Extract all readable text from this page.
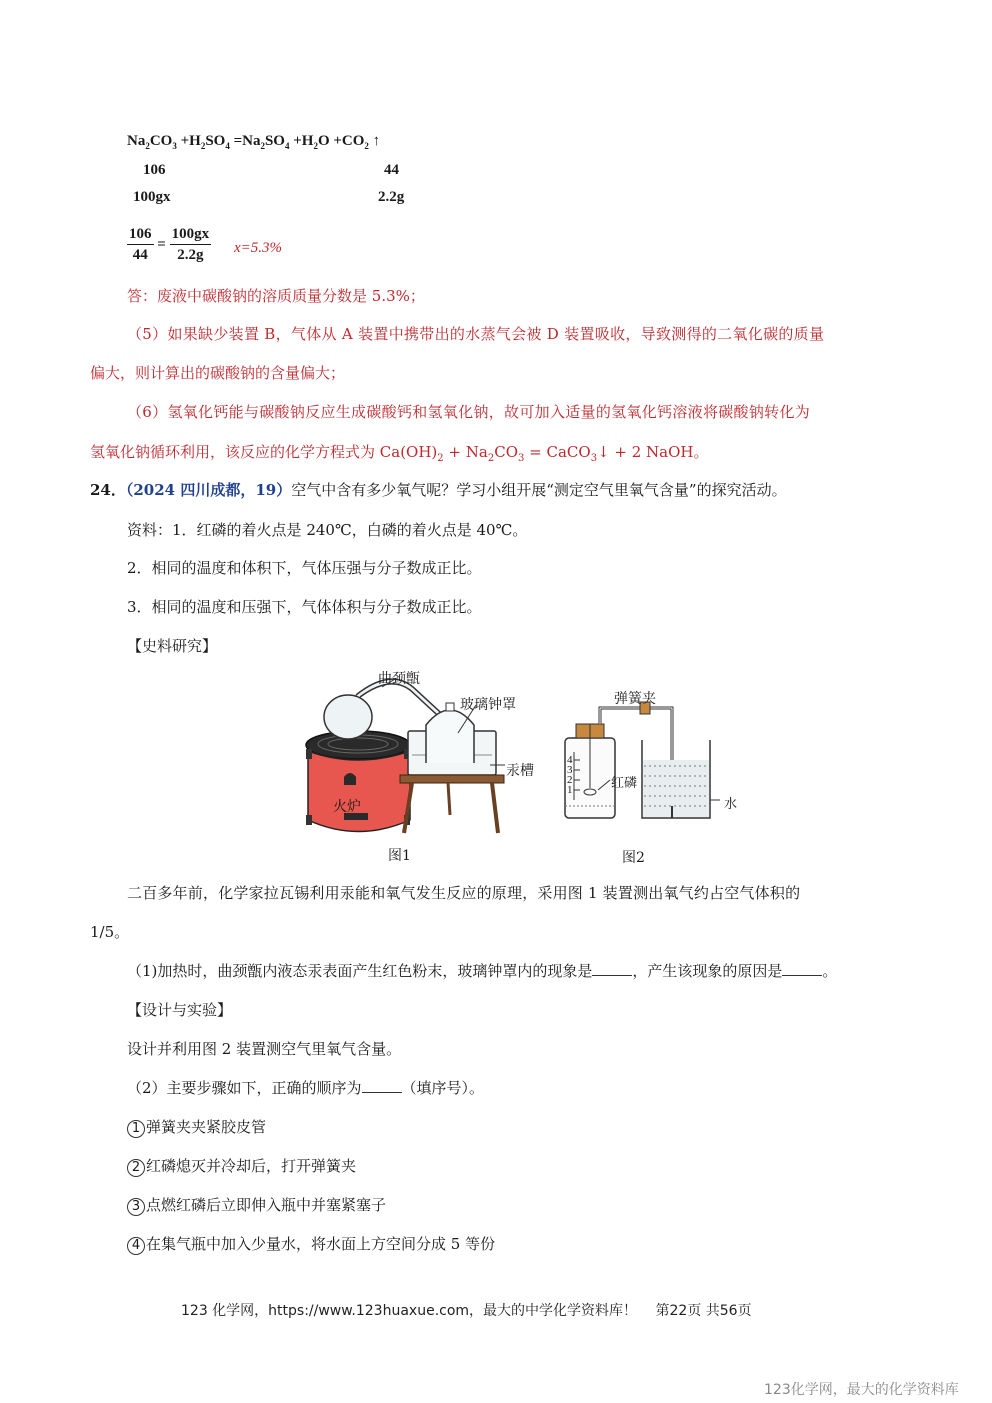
$Na_2CO_3 +H_2SO_4 =Na_2SO_4 +H_2O +CO_2$ ↑
106	44
100gx	2.2g
$\frac{106}{44} = \frac{100gx}{2.2g} x=5.3\%$
答：废液中碳酸钠的溶质质量分数是 5.3%；
（5）如果缺少装置 B，气体从 A 装置中携带出的水蒸气会被 D 装置吸收，导致测得的二氧化碳的质量
偏大，则计算出的碳酸钠的含量偏大；
（6）氢氧化钙能与碳酸钠反应生成碳酸钙和氢氧化钠，故可加入适量的氢氧化钙溶液将碳酸钠转化为
氢氧化钠循环利用，该反应的化学方程式为 $Ca(OH)_2 + Na_2CO_3$ = CaCO$_3$↓ + 2 NaOH。
24．（2024 四川成都，19）空气中含有多少氧气呢？学习小组开展“测定空气里氧气含量”的探究活动。
资料：1．红磷的着火点是 240℃，白磷的着火点是 40℃。
2．相同的温度和体积下，气体压强与分子数成正比。
3．相同的温度和压强下，气体体积与分子数成正比。
【史料研究】
曲颈甑
玻璃钟罩
汞槽
火炉
图1
弹簧夹
4
3
2
1	红磷
水
图2
二百多年前，化学家拉瓦锡利用汞能和氧气发生反应的原理，采用图 1 装置测出氧气约占空气体积的
1/5。
（1)加热时，曲颈甑内液态汞表面产生红色粉末，玻璃钟罩内的现象是	，产生该现象的原因是	。
【设计与实验】
设计并利用图 2 装置测空气里氧气含量。
（2）主要步骤如下，正确的顺序为	（填序号）。
1 弹簧夹夹紧胶皮管
2 红磷熄灭并冷却后，打开弹簧夹
3 点燃红磷后立即伸入瓶中并塞紧塞子
4 在集气瓶中加入少量水，将水面上方空间分成 5 等份
123 化学网，https://www.123huaxue.com，最大的中学化学资料库！ 第22页 共56页
123化学网，最大的化学资料库
